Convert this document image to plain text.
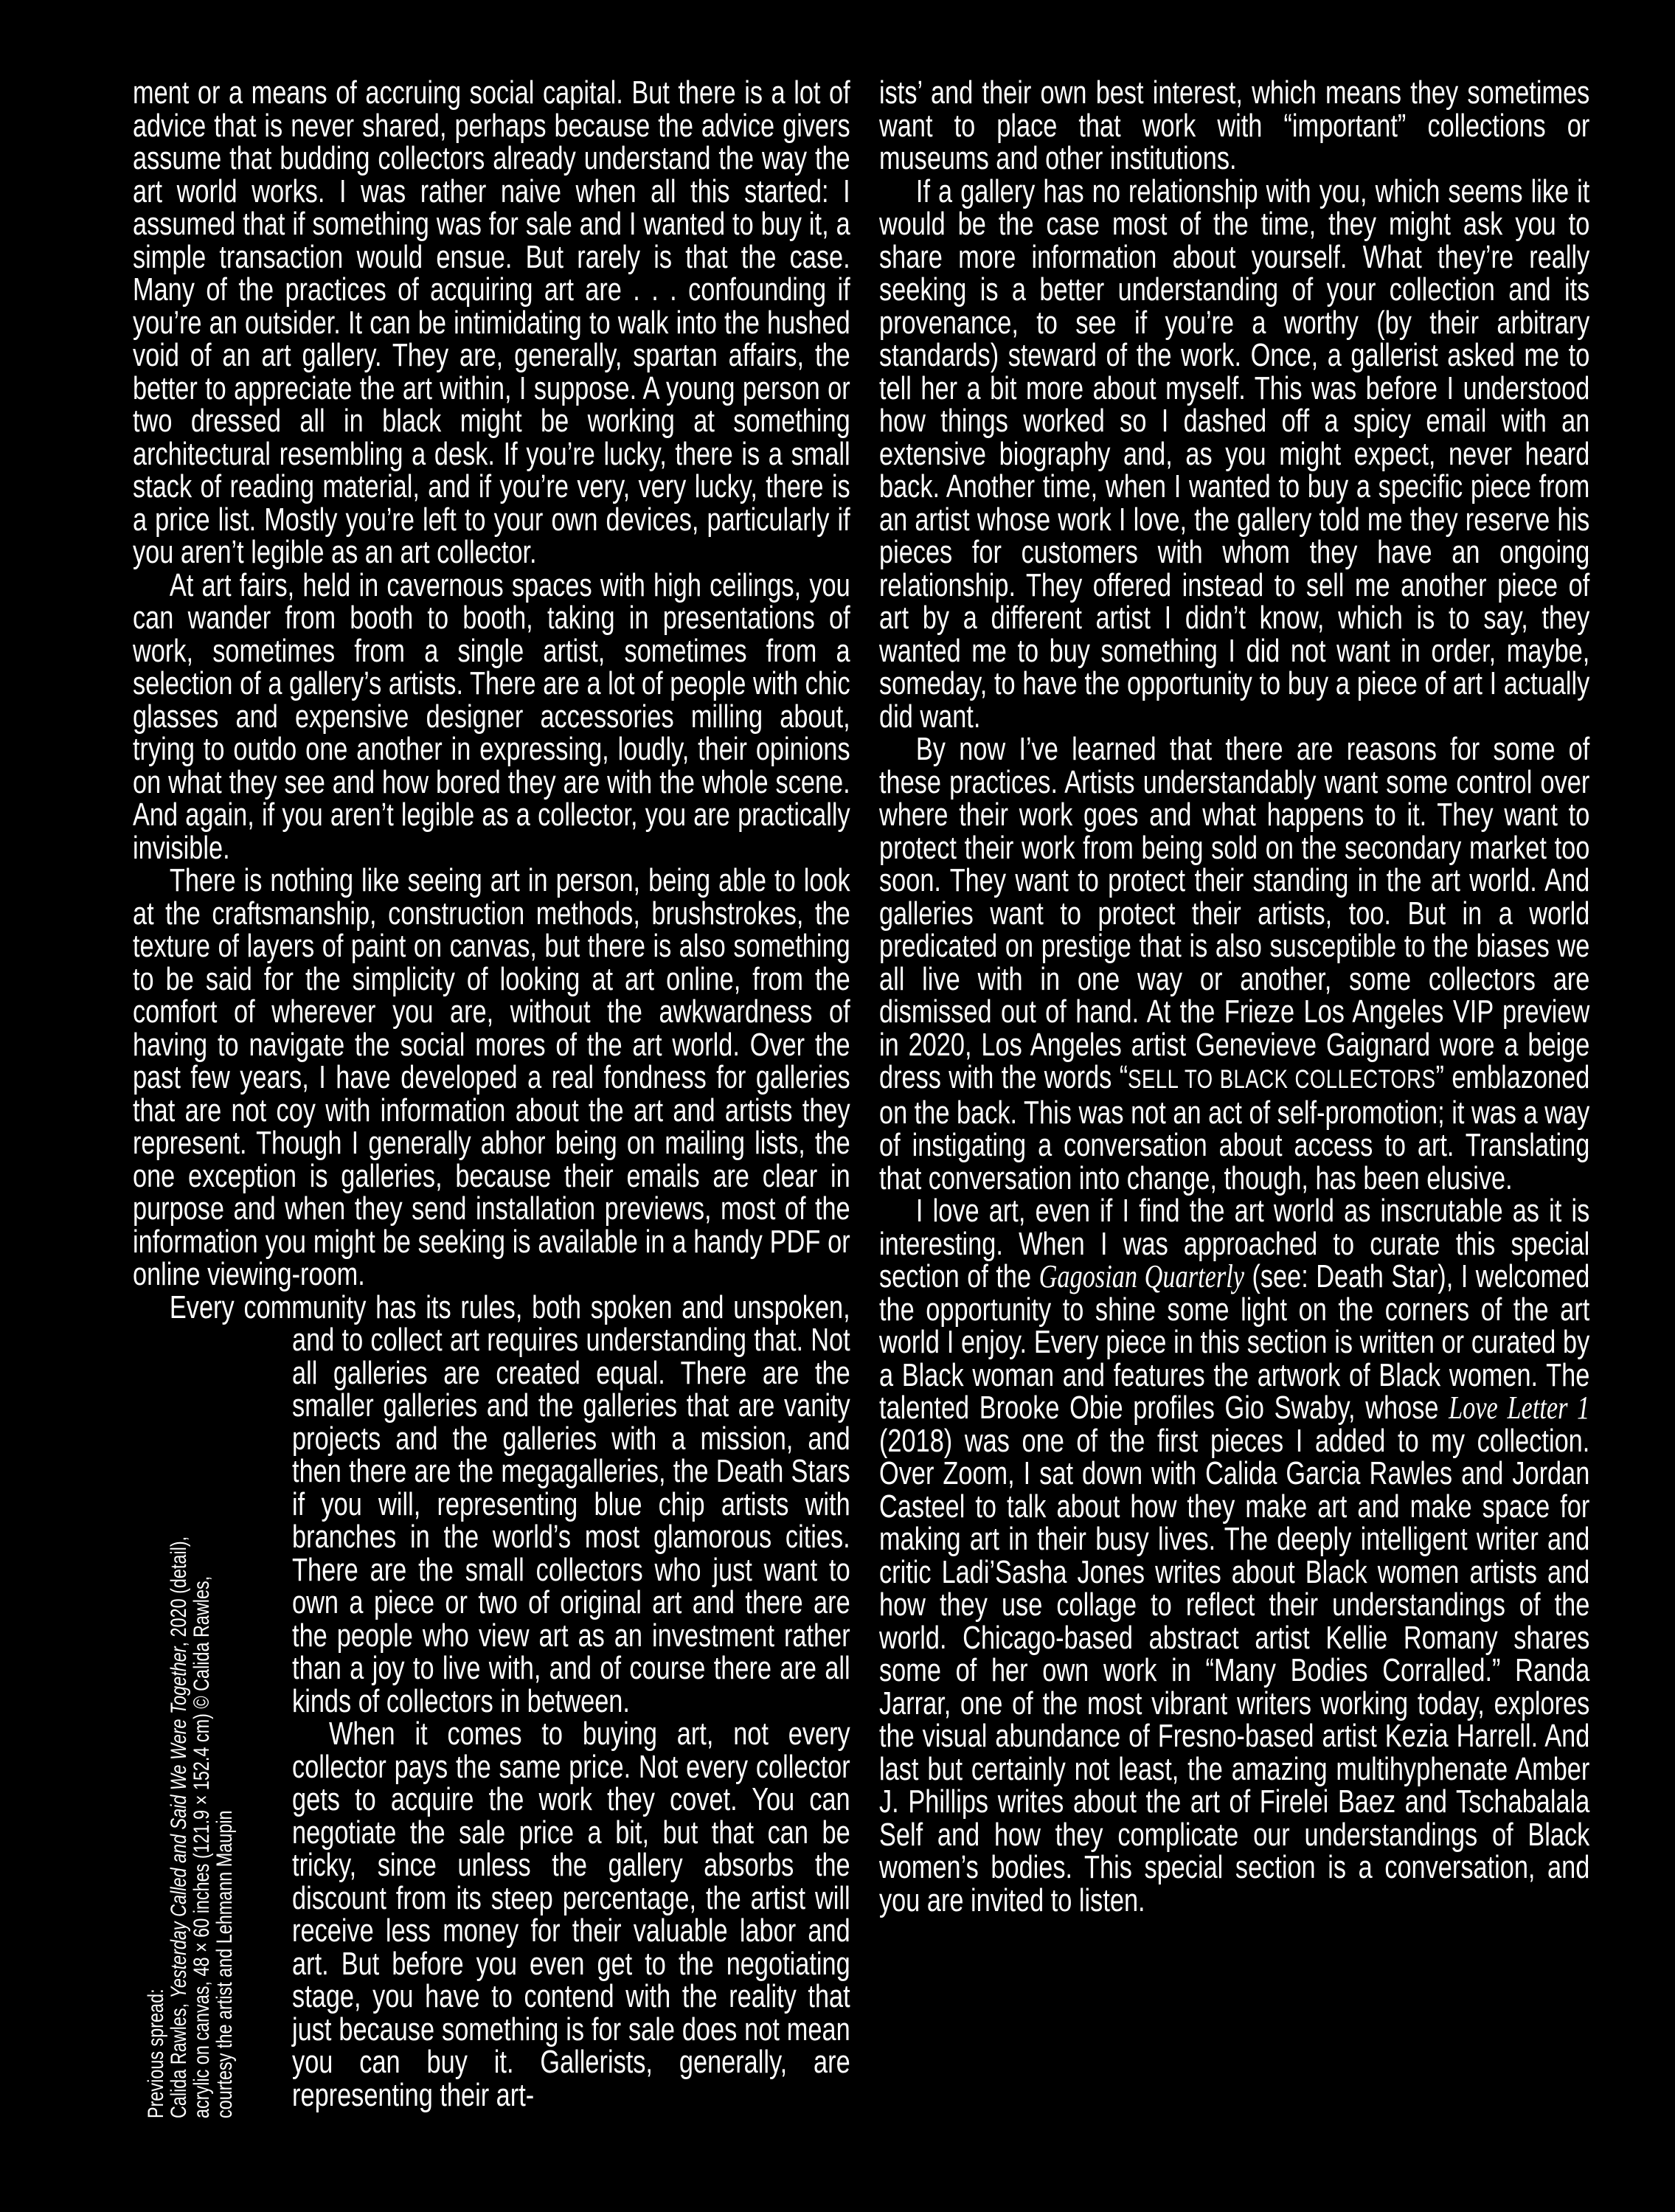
ment or a means of accruing social capital. But there is a lot of advice that is never shared, perhaps because the advice givers assume that budding collectors already understand the way the art world works. I was rather naive when all this started: I assumed that if something was for sale and I wanted to buy it, a simple transaction would ensue. But rarely is that the case. Many of the practices of acquiring art are . . . confounding if you’re an outsider. It can be intimidating to walk into the hushed void of an art gallery. They are, generally, spartan affairs, the better to appreciate the art within, I suppose. A young person or two dressed all in black might be working at something architectural resembling a desk. If you’re lucky, there is a small stack of reading material, and if you’re very, very lucky, there is a price list. Mostly you’re left to your own devices, particularly if you aren’t legible as an art collector.

At art fairs, held in cavernous spaces with high ceilings, you can wander from booth to booth, taking in presentations of work, sometimes from a single artist, sometimes from a selection of a gallery’s artists. There are a lot of people with chic glasses and expensive designer accessories milling about, trying to outdo one another in expressing, loudly, their opinions on what they see and how bored they are with the whole scene. And again, if you aren’t legible as a collector, you are practically invisible.

There is nothing like seeing art in person, being able to look at the craftsmanship, construction methods, brushstrokes, the texture of layers of paint on canvas, but there is also something to be said for the simplicity of looking at art online, from the comfort of wherever you are, without the awkwardness of having to navigate the social mores of the art world. Over the past few years, I have developed a real fondness for galleries that are not coy with information about the art and artists they represent. Though I generally abhor being on mailing lists, the one exception is galleries, because their emails are clear in purpose and when they send installation previews, most of the information you might be seeking is available in a handy PDF or online viewing-room.

Every community has its rules, both spoken and unspoken,

and to collect art requires understanding that. Not all galleries are created equal. There are the smaller galleries and the galleries that are vanity projects and the galleries with a mission, and then there are the megagalleries, the Death Stars if you will, representing blue chip artists with branches in the world’s most glamorous cities. There are the small collectors who just want to own a piece or two of original art and there are the people who view art as an investment rather than a joy to live with, and of course there are all kinds of collectors in between.

When it comes to buying art, not every collector pays the same price. Not every collector gets to acquire the work they covet. You can negotiate the sale price a bit, but that can be tricky, since unless the gallery absorbs the discount from its steep percentage, the artist will receive less money for their valuable labor and art. But before you even get to the negotiating stage, you have to contend with the reality that just because something is for sale does not mean you can buy it. Gallerists, generally, are representing their art-

ists’ and their own best interest, which means they sometimes want to place that work with “important” collections or museums and other institutions.

If a gallery has no relationship with you, which seems like it would be the case most of the time, they might ask you to share more information about yourself. What they’re really seeking is a better understanding of your collection and its provenance, to see if you’re a worthy (by their arbitrary standards) steward of the work. Once, a gallerist asked me to tell her a bit more about myself. This was before I understood how things worked so I dashed off a spicy email with an extensive biography and, as you might expect, never heard back. Another time, when I wanted to buy a specific piece from an artist whose work I love, the gallery told me they reserve his pieces for customers with whom they have an ongoing relationship. They offered instead to sell me another piece of art by a different artist I didn’t know, which is to say, they wanted me to buy something I did not want in order, maybe, someday, to have the opportunity to buy a piece of art I actually did want.

By now I’ve learned that there are reasons for some of these practices. Artists understandably want some control over where their work goes and what happens to it. They want to protect their work from being sold on the secondary market too soon. They want to protect their standing in the art world. And galleries want to protect their artists, too. But in a world predicated on prestige that is also susceptible to the biases we all live with in one way or another, some collectors are dismissed out of hand. At the Frieze Los Angeles VIP preview in 2020, Los Angeles artist Genevieve Gaignard wore a beige dress with the words “SELL TO BLACK COLLECTORS” emblazoned on the back. This was not an act of self-promotion; it was a way of instigating a conversation about access to art. Translating that conversation into change, though, has been elusive.

I love art, even if I find the art world as inscrutable as it is interesting. When I was approached to curate this special section of the Gagosian Quarterly (see: Death Star), I welcomed the opportunity to shine some light on the corners of the art world I enjoy. Every piece in this section is written or curated by a Black woman and features the artwork of Black women. The talented Brooke Obie profiles Gio Swaby, whose Love Letter 1 (2018) was one of the first pieces I added to my collection. Over Zoom, I sat down with Calida Garcia Rawles and Jordan Casteel to talk about how they make art and make space for making art in their busy lives. The deeply intelligent writer and critic Ladi’Sasha Jones writes about Black women artists and how they use collage to reflect their understandings of the world. Chicago-based abstract artist Kellie Romany shares some of her own work in “Many Bodies Corralled.” Randa Jarrar, one of the most vibrant writers working today, explores the visual abundance of Fresno-based artist Kezia Harrell. And last but certainly not least, the amazing multihyphenate Amber J. Phillips writes about the art of Firelei Baez and Tschabalala Self and how they complicate our understandings of Black women’s bodies. This special section is a conversation, and you are invited to listen.

Previous spread:
Calida Rawles, Yesterday Called and Said We Were Together, 2020 (detail),
acrylic on canvas, 48 × 60 inches (121.9 × 152.4 cm) © Calida Rawles,
courtesy the artist and Lehmann Maupin
